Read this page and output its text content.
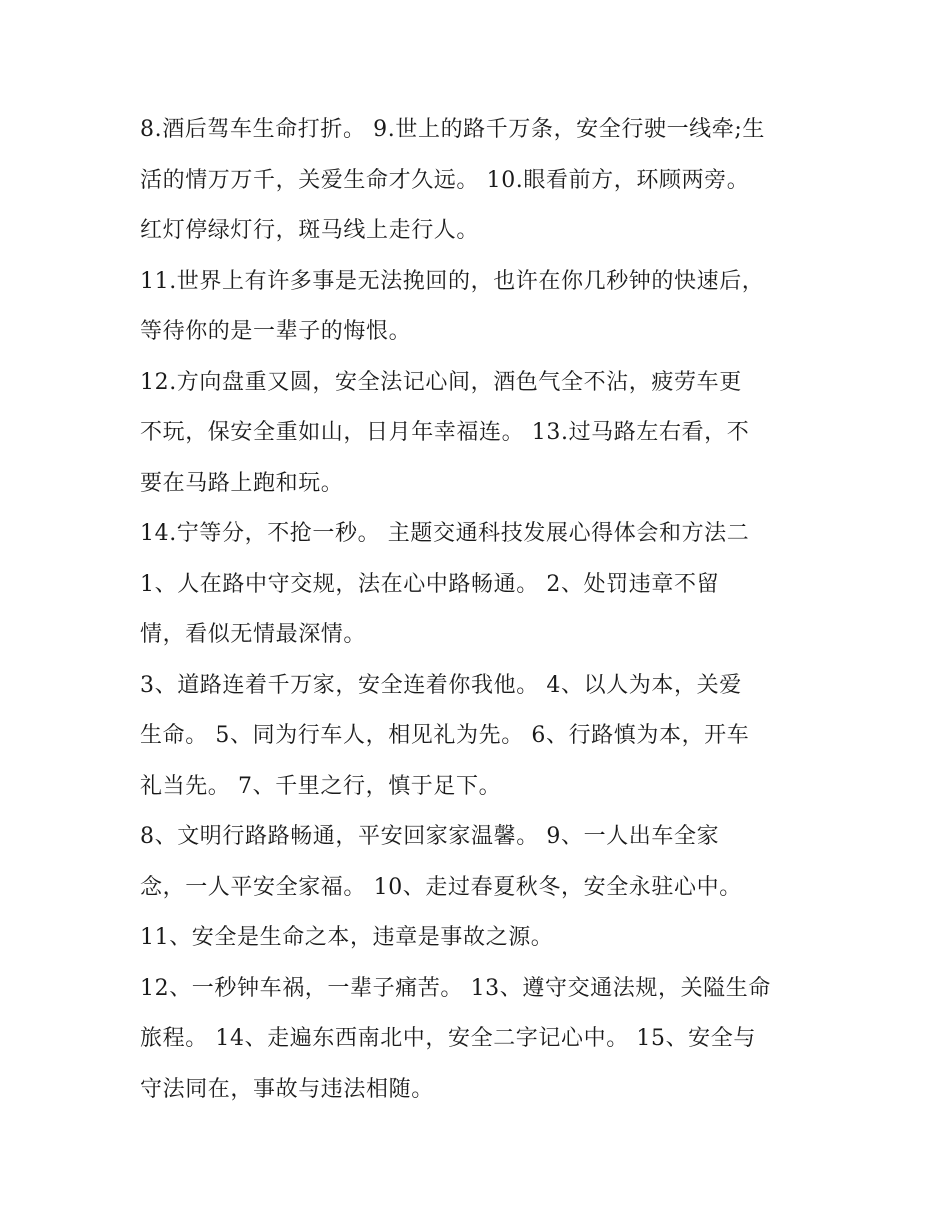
8.酒后驾车生命打折。 9.世上的路千万条，安全行驶一线牵;生
活的情万万千，关爱生命才久远。 10.眼看前方，环顾两旁。
红灯停绿灯行，斑马线上走行人。
11.世界上有许多事是无法挽回的，也许在你几秒钟的快速后，
等待你的是一辈子的悔恨。
12.方向盘重又圆，安全法记心间，酒色气全不沾，疲劳车更
不玩，保安全重如山，日月年幸福连。 13.过马路左右看，不
要在马路上跑和玩。
14.宁等分，不抢一秒。 主题交通科技发展心得体会和方法二
1、人在路中守交规，法在心中路畅通。 2、处罚违章不留
情，看似无情最深情。
3、道路连着千万家，安全连着你我他。 4、以人为本，关爱
生命。 5、同为行车人，相见礼为先。 6、行路慎为本，开车
礼当先。 7、千里之行，慎于足下。
8、文明行路路畅通，平安回家家温馨。 9、一人出车全家
念，一人平安全家福。 10、走过春夏秋冬，安全永驻心中。
11、安全是生命之本，违章是事故之源。
12、一秒钟车祸，一辈子痛苦。 13、遵守交通法规，关隘生命
旅程。 14、走遍东西南北中，安全二字记心中。 15、安全与
守法同在，事故与违法相随。
